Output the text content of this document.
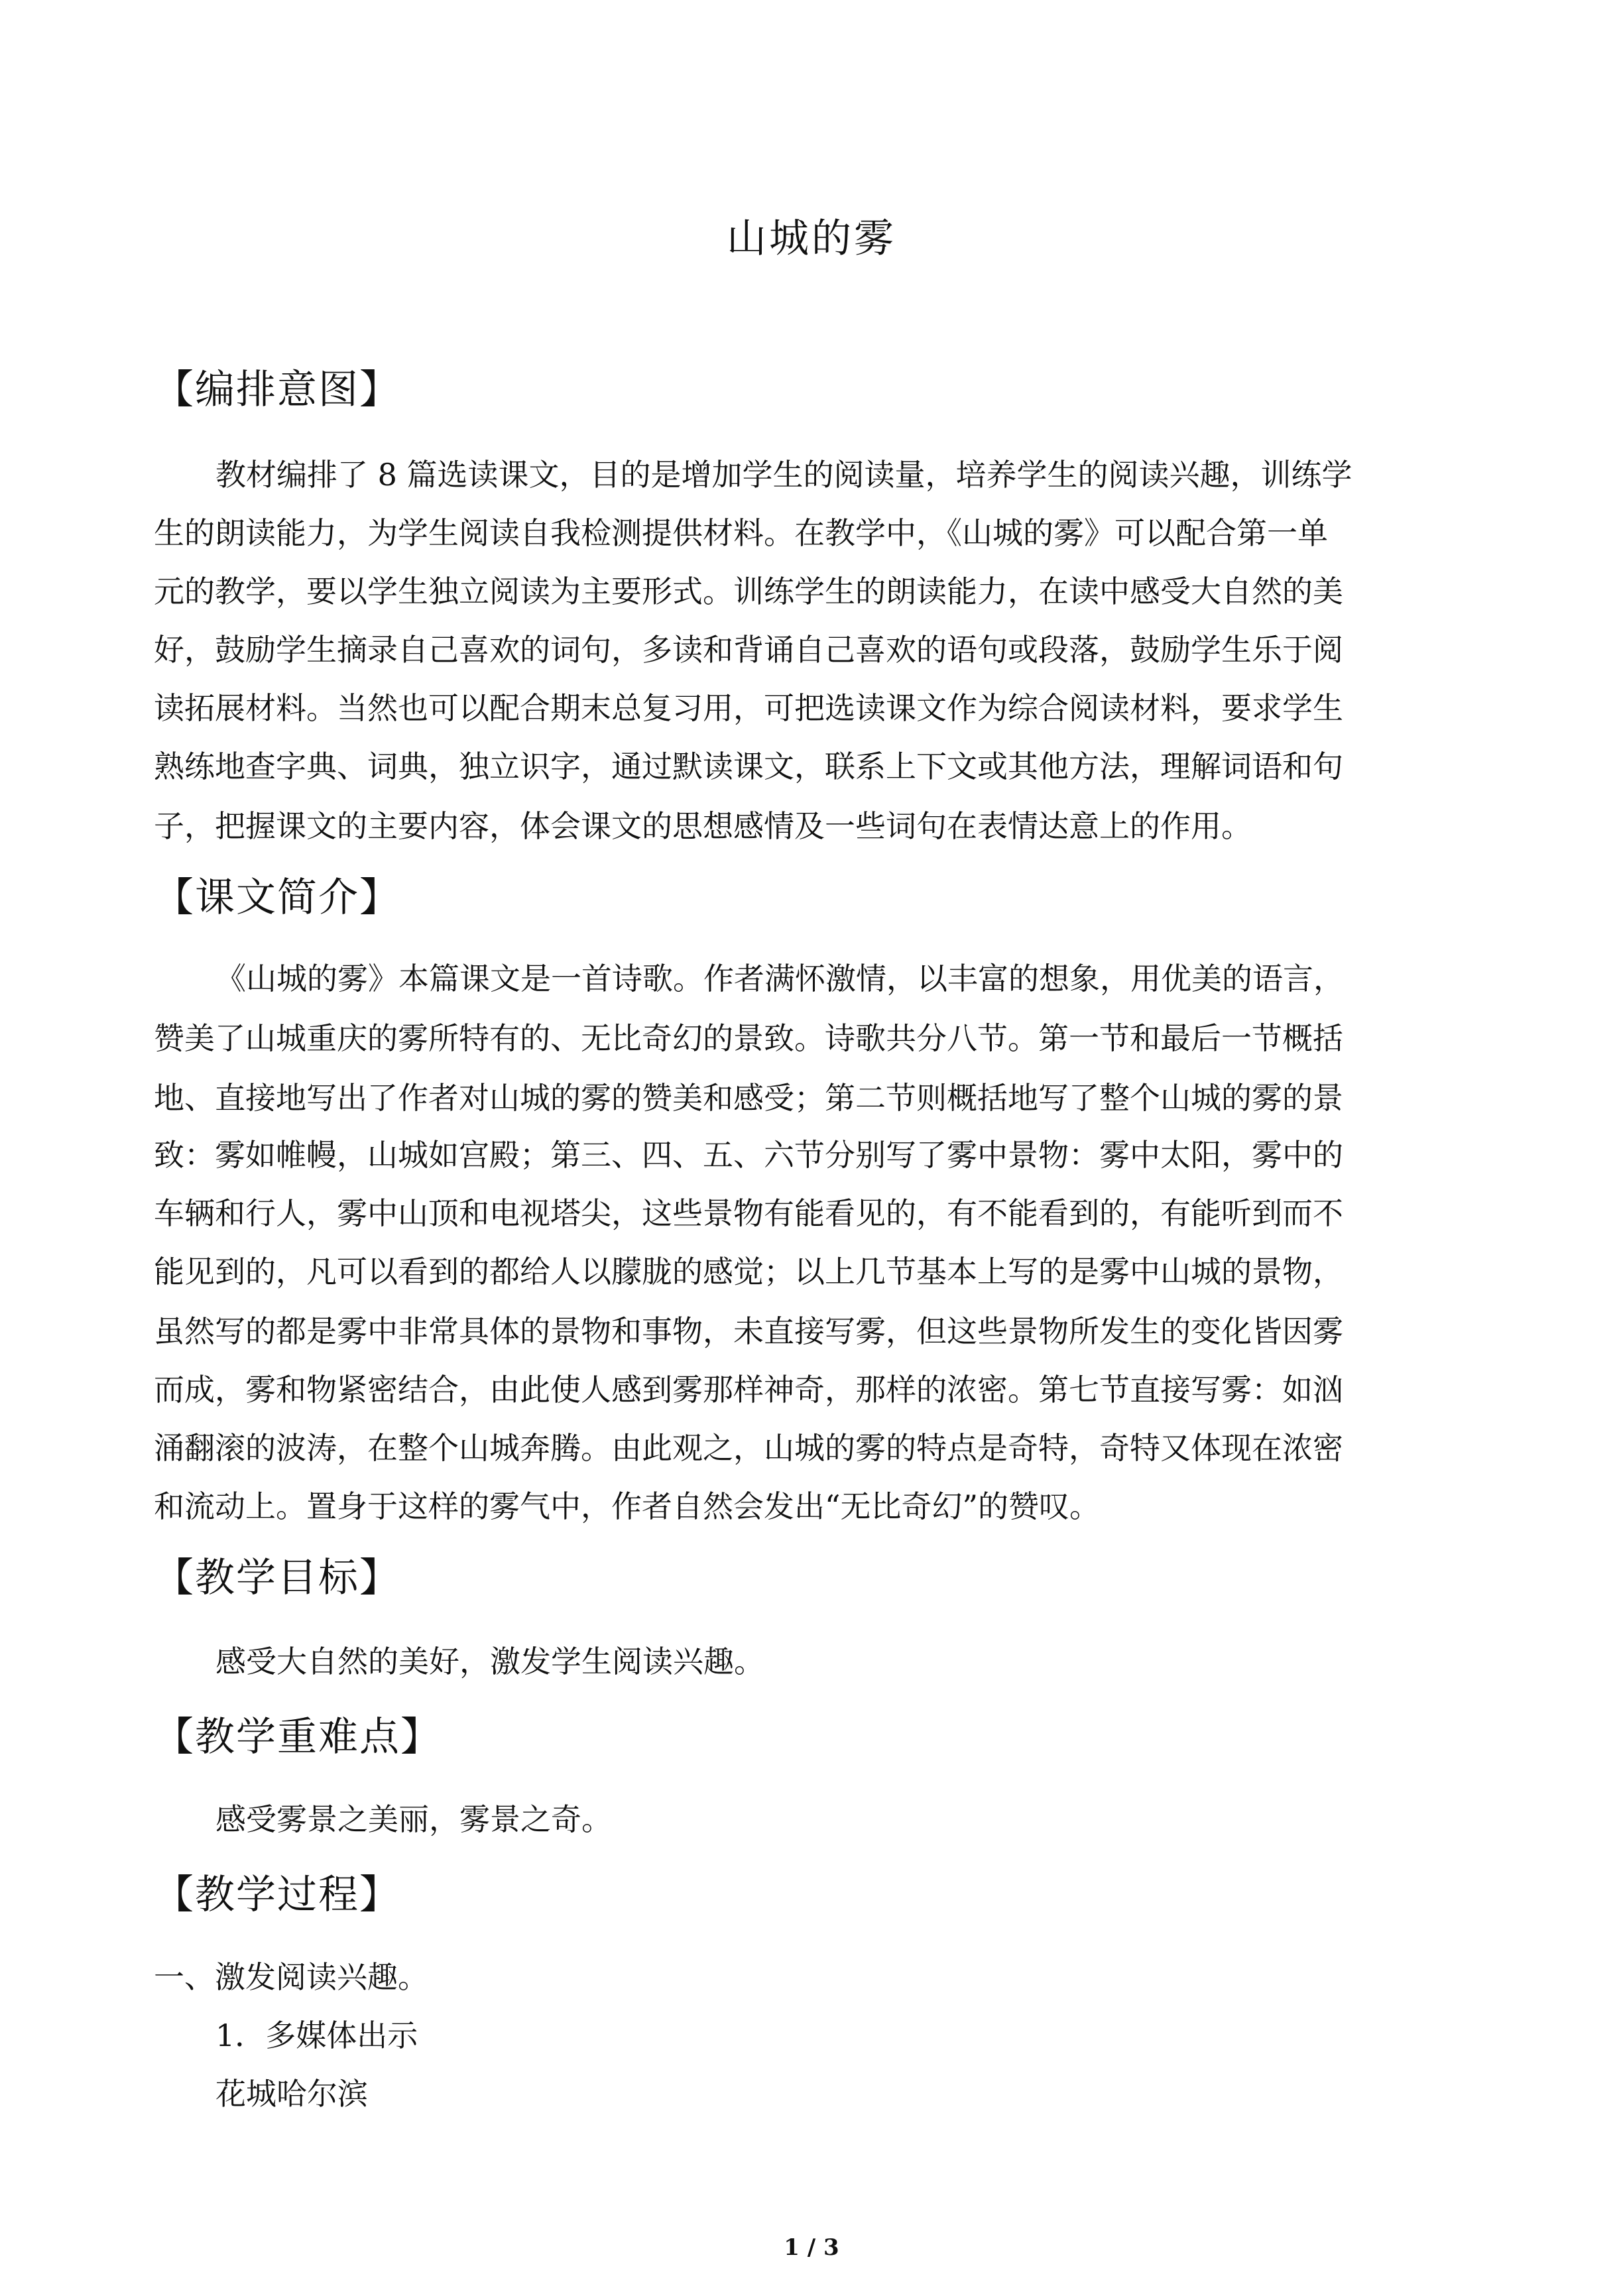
山城的雾
【编排意图】
教材编排了 8 篇选读课文，目的是增加学生的阅读量，培养学生的阅读兴趣，训练学
生的朗读能力，为学生阅读自我检测提供材料。在教学中，《山城的雾》可以配合第一单
元的教学，要以学生独立阅读为主要形式。训练学生的朗读能力，在读中感受大自然的美
好，鼓励学生摘录自己喜欢的词句，多读和背诵自己喜欢的语句或段落，鼓励学生乐于阅
读拓展材料。当然也可以配合期末总复习用，可把选读课文作为综合阅读材料，要求学生
熟练地查字典、词典，独立识字，通过默读课文，联系上下文或其他方法，理解词语和句
子，把握课文的主要内容，体会课文的思想感情及一些词句在表情达意上的作用。
【课文简介】
《山城的雾》本篇课文是一首诗歌。作者满怀激情，以丰富的想象，用优美的语言，
赞美了山城重庆的雾所特有的、无比奇幻的景致。诗歌共分八节。第一节和最后一节概括
地、直接地写出了作者对山城的雾的赞美和感受；第二节则概括地写了整个山城的雾的景
致：雾如帷幔，山城如宫殿；第三、四、五、六节分别写了雾中景物：雾中太阳，雾中的
车辆和行人，雾中山顶和电视塔尖，这些景物有能看见的，有不能看到的，有能听到而不
能见到的，凡可以看到的都给人以朦胧的感觉；以上几节基本上写的是雾中山城的景物，
虽然写的都是雾中非常具体的景物和事物，未直接写雾，但这些景物所发生的变化皆因雾
而成，雾和物紧密结合，由此使人感到雾那样神奇，那样的浓密。第七节直接写雾：如汹
涌翻滚的波涛，在整个山城奔腾。由此观之，山城的雾的特点是奇特，奇特又体现在浓密
和流动上。置身于这样的雾气中，作者自然会发出“无比奇幻”的赞叹。
【教学目标】
感受大自然的美好，激发学生阅读兴趣。
【教学重难点】
感受雾景之美丽，雾景之奇。
【教学过程】
一、激发阅读兴趣。
1．多媒体出示
花城哈尔滨
1 / 3
